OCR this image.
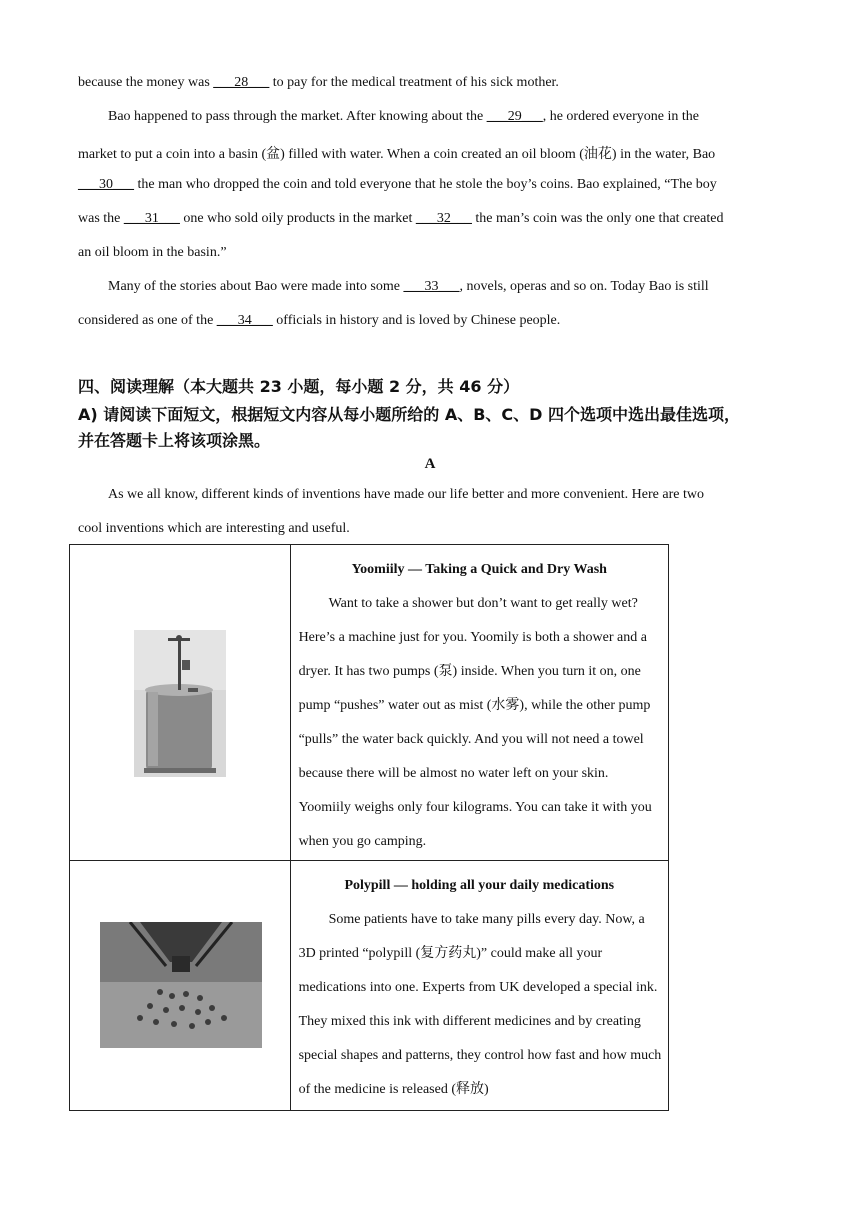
because the money was ___28___ to pay for the medical treatment of his sick mother.
Bao happened to pass through the market. After knowing about the ___29___, he ordered everyone in the
market to put a coin into a basin (盆) filled with water. When a coin created an oil bloom (油花) in the water, Bao
___30___ the man who dropped the coin and told everyone that he stole the boy’s coins. Bao explained, “The boy
was the ___31___ one who sold oily products in the market ___32___ the man’s coin was the only one that created
an oil bloom in the basin.”
Many of the stories about Bao were made into some ___33___, novels, operas and so on. Today Bao is still
considered as one of the ___34___ officials in history and is loved by Chinese people.
四、阅读理解（本大题共 23 小题，每小题 2 分，共 46 分）
A) 请阅读下面短文，根据短文内容从每小题所给的 A、B、C、D 四个选项中选出最佳选项，
并在答题卡上将该项涂黑。
A
As we all know, different kinds of inventions have made our life better and more convenient. Here are two
cool inventions which are interesting and useful.

Yoomiily — Taking a Quick and Dry Wash
Want to take a shower but don’t want to get really wet? Here’s a machine just for you. Yoomily is both a shower and a dryer. It has two pumps (泵) inside. When you turn it on, one pump “pushes” water out as mist (水雾), while the other pump “pulls” the water back quickly. And you will not need a towel because there will be almost no water left on your skin. Yoomiily weighs only four kilograms. You can take it with you when you go camping.

Polypill — holding all your daily medications
Some patients have to take many pills every day. Now, a 3D printed “polypill (复方药丸)” could make all your medications into one. Experts from UK developed a special ink. They mixed this ink with different medicines and by creating special shapes and patterns, they control how fast and how much of the medicine is released (释放)
